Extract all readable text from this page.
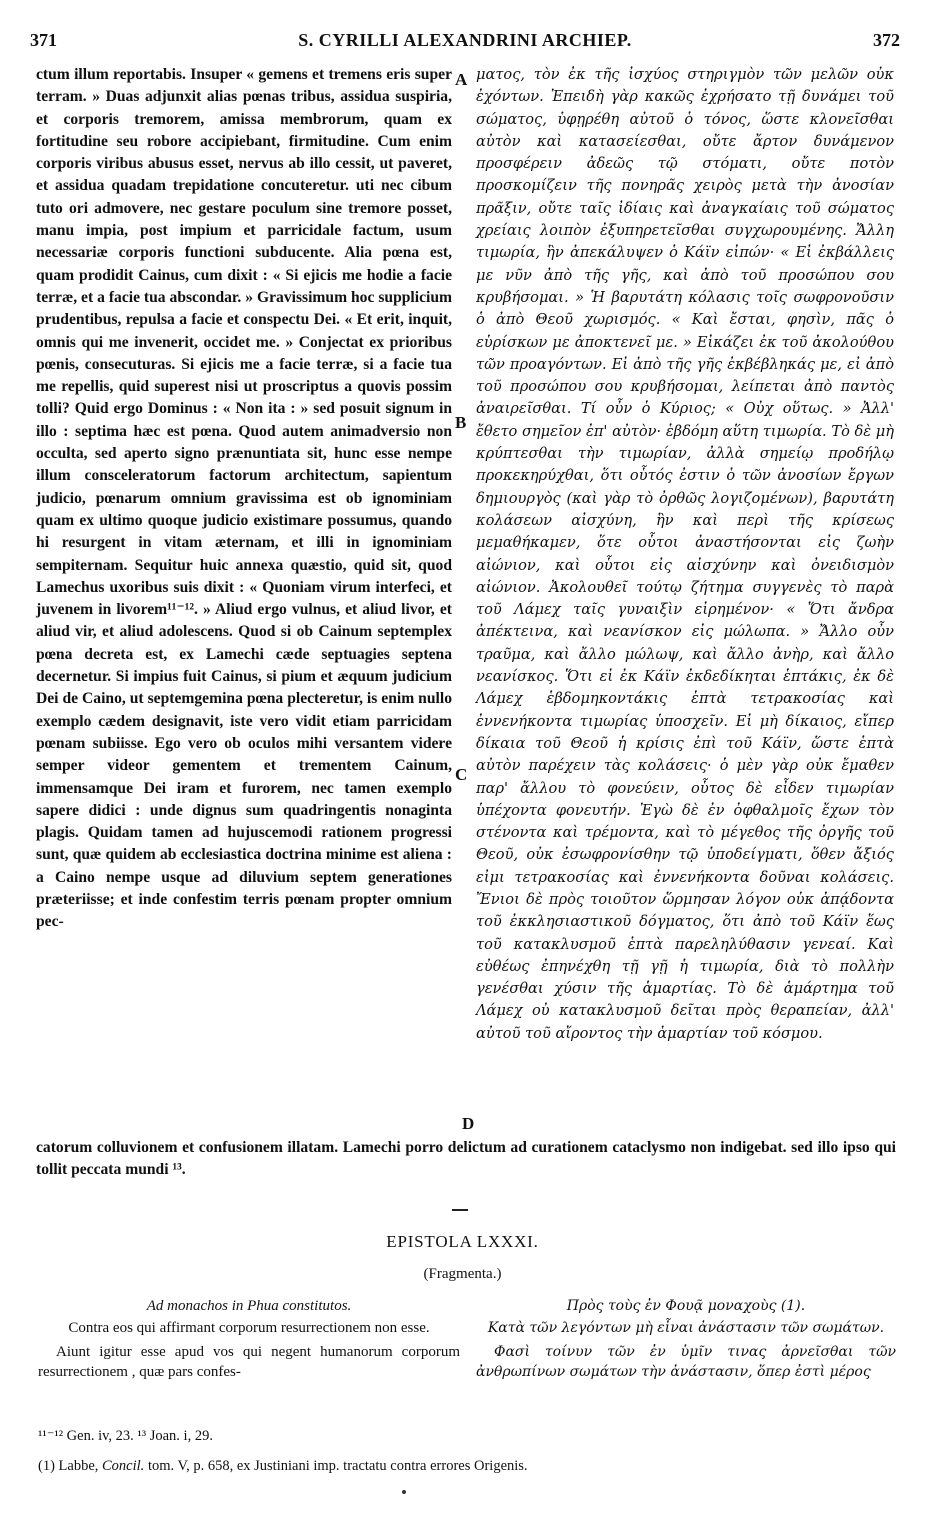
371	S. CYRILLI ALEXANDRINI ARCHIEP.	372

ctum illum reportabis. Insuper « gemens et tremens eris super terram. » Duas adjunxit alias pœnas tribus, assidua suspiria, et corporis tremorem, amissa membrorum, quam ex fortitudine seu robore accipiebant, firmitudine. Cum enim corporis viribus abusus esset, nervus ab illo cessit, ut paveret, et assidua quadam trepidatione concuteretur. uti nec cibum tuto ori admovere, nec gestare poculum sine tremore posset, manu impia, post impium et parricidale factum, usum necessariæ corporis functioni subducente. Alia pœna est, quam prodidit Cainus, cum dixit : « Si ejicis me hodie a facie terræ, et a facie tua abscondar. » Gravissimum hoc supplicium prudentibus, repulsa a facie et conspectu Dei. « Et erit, inquit, omnis qui me invenerit, occidet me. » Conjectat ex prioribus pœnis, consecuturas. Si ejicis me a facie terræ, si a facie tua me repellis, quid superest nisi ut proscriptus a quovis possim tolli? Quid ergo Dominus : « Non ita : » sed posuit signum in illo : septima hæc est pœna. Quod autem animadversio non occulta, sed aperto signo prænuntiata sit, hunc esse nempe illum consceleratorum factorum architectum, sapientum judicio, pœnarum omnium gravissima est ob ignominiam quam ex ultimo quoque judicio existimare possumus, quando hi resurgent in vitam æternam, et illi in ignominiam sempiternam. Sequitur huic annexa quæstio, quid sit, quod Lamechus uxoribus suis dixit : « Quoniam virum interfeci, et juvenem in livorem¹¹⁻¹². » Aliud ergo vulnus, et aliud livor, et aliud vir, et aliud adolescens. Quod si ob Cainum septemplex pœna decreta est, ex Lamechi cæde septuagies septena decernetur. Si impius fuit Cainus, si pium et æquum judicium Dei de Caino, ut septemgemina pœna plecteretur, is enim nullo exemplo cædem designavit, iste vero vidit etiam parricidam pœnam subiisse. Ego vero ob oculos mihi versantem videre semper videor gementem et trementem Cainum, immensamque Dei iram et furorem, nec tamen exemplo sapere didici : unde dignus sum quadringentis nonaginta plagis. Quidam tamen ad hujuscemodi rationem progressi sunt, quæ quidem ab ecclesiastica doctrina minime est aliena : a Caino nempe usque ad diluvium septem generationes præteriisse; et inde confestim terris pœnam propter omnium pec-

ματος, τὸν ἐκ τῆς ἰσχύος στηριγμὸν τῶν μελῶν οὐκ ἐχόντων. Ἐπειδὴ γὰρ κακῶς ἐχρήσατο τῇ δυνάμει τοῦ σώματος, ὑφῃρέθη αὐτοῦ ὁ τόνος, ὥστε κλονεῖσθαι αὐτὸν καὶ κατασείεσθαι, οὔτε ἄρτον δυνάμενον προσφέρειν ἀδεῶς τῷ στόματι, οὔτε ποτὸν προσκομίζειν τῆς πονηρᾶς χειρὸς μετὰ τὴν ἀνοσίαν πρᾶξιν, οὔτε ταῖς ἰδίαις καὶ ἀναγκαίαις τοῦ σώματος χρείαις λοιπὸν ἐξυπηρετεῖσθαι συγχωρουμένης. Ἄλλη τιμωρία, ἣν ἀπεκάλυψεν ὁ Κάϊν εἰπών· « Εἰ ἐκβάλλεις με νῦν ἀπὸ τῆς γῆς, καὶ ἀπὸ τοῦ προσώπου σου κρυβήσομαι. » Ἡ βαρυτάτη κόλασις τοῖς σωφρονοῦσιν ὁ ἀπὸ Θεοῦ χωρισμός. « Καὶ ἔσται, φησὶν, πᾶς ὁ εὑρίσκων με ἀποκτενεῖ με. » Εἰκάζει ἐκ τοῦ ἀκολούθου τῶν προαγόντων. Εἰ ἀπὸ τῆς γῆς ἐκβέβληκάς με, εἰ ἀπὸ τοῦ προσώπου σου κρυβήσομαι, λείπεται ἀπὸ παντὸς ἀναιρεῖσθαι. Τί οὖν ὁ Κύριος; « Οὐχ οὕτως. » Ἀλλ' ἔθετο σημεῖον ἐπ' αὐτὸν· ἑβδόμη αὕτη τιμωρία. Τὸ δὲ μὴ κρύπτεσθαι τὴν τιμωρίαν, ἀλλὰ σημείῳ προδήλῳ προκεκηρύχθαι, ὅτι οὗτός ἐστιν ὁ τῶν ἀνοσίων ἔργων δημιουργὸς (καὶ γὰρ τὸ ὀρθῶς λογιζομένων), βαρυτάτη κολάσεων αἰσχύνη, ἣν καὶ περὶ τῆς κρίσεως μεμαθήκαμεν, ὅτε οὗτοι ἀναστήσονται εἰς ζωὴν αἰώνιον, καὶ οὗτοι εἰς αἰσχύνην καὶ ὀνειδισμὸν αἰώνιον. Ἀκολουθεῖ τούτῳ ζήτημα συγγενὲς τὸ παρὰ τοῦ Λάμεχ ταῖς γυναιξὶν εἰρημένον· « Ὅτι ἄνδρα ἀπέκτεινα, καὶ νεανίσκον εἰς μώλωπα. » Ἄλλο οὖν τραῦμα, καὶ ἄλλο μώλωψ, καὶ ἄλλο ἀνὴρ, καὶ ἄλλο νεανίσκος. Ὅτι εἰ ἐκ Κάϊν ἐκδεδίκηται ἑπτάκις, ἐκ δὲ Λάμεχ ἑβδομηκοντάκις ἑπτὰ τετρακοσίας καὶ ἐννενήκοντα τιμωρίας ὑποσχεῖν. Εἰ μὴ δίκαιος, εἴπερ δίκαια τοῦ Θεοῦ ἡ κρίσις ἐπὶ τοῦ Κάϊν, ὥστε ἑπτὰ αὐτὸν παρέχειν τὰς κολάσεις· ὁ μὲν γὰρ οὐκ ἔμαθεν παρ' ἄλλου τὸ φονεύειν, οὗτος δὲ εἶδεν τιμωρίαν ὑπέχοντα φονευτήν. Ἐγὼ δὲ ἐν ὀφθαλμοῖς ἔχων τὸν στένοντα καὶ τρέμοντα, καὶ τὸ μέγεθος τῆς ὀργῆς τοῦ Θεοῦ, οὐκ ἐσωφρονίσθην τῷ ὑποδείγματι, ὅθεν ἄξιός εἰμι τετρακοσίας καὶ ἐννενήκοντα δοῦναι κολάσεις. Ἔνιοι δὲ πρὸς τοιοῦτον ὥρμησαν λόγον οὐκ ἀπᾴδοντα τοῦ ἐκκλησιαστικοῦ δόγματος, ὅτι ἀπὸ τοῦ Κάϊν ἕως τοῦ κατακλυσμοῦ ἑπτὰ παρεληλύθασιν γενεαί. Καὶ εὐθέως ἐπηνέχθη τῇ γῇ ἡ τιμωρία, διὰ τὸ πολλὴν γενέσθαι χύσιν τῆς ἁμαρτίας. Τὸ δὲ ἁμάρτημα τοῦ Λάμεχ οὐ κατακλυσμοῦ δεῖται πρὸς θεραπείαν, ἀλλ' αὐτοῦ τοῦ αἴροντος τὴν ἁμαρτίαν τοῦ κόσμου.

A
B
C
D
catorum colluvionem et confusionem illatam. Lamechi porro delictum ad curationem cataclysmo non indigebat. sed illo ipso qui tollit peccata mundi ¹³.
EPISTOLA LXXXI.
(Fragmenta.)
Ad monachos in Phua constitutos.
Contra eos qui affirmant corporum resurrectionem non esse.
Aiunt igitur esse apud vos qui negent humanorum corporum resurrectionem , quæ pars confes-
Πρὸς τοὺς ἐν Φουᾷ μοναχοὺς (1).
Κατὰ τῶν λεγόντων μὴ εἶναι ἀνάστασιν τῶν σωμάτων.
Φασὶ τοίνυν τῶν ἐν ὑμῖν τινας ἀρνεῖσθαι τῶν ἀνθρωπίνων σωμάτων τὴν ἀνάστασιν, ὅπερ ἐστὶ μέρος
¹¹⁻¹² Gen. iv, 23. ¹³ Joan. i, 29.
(1) Labbe, Concil. tom. V, p. 658, ex Justiniani imp. tractatu contra errores Origenis.
